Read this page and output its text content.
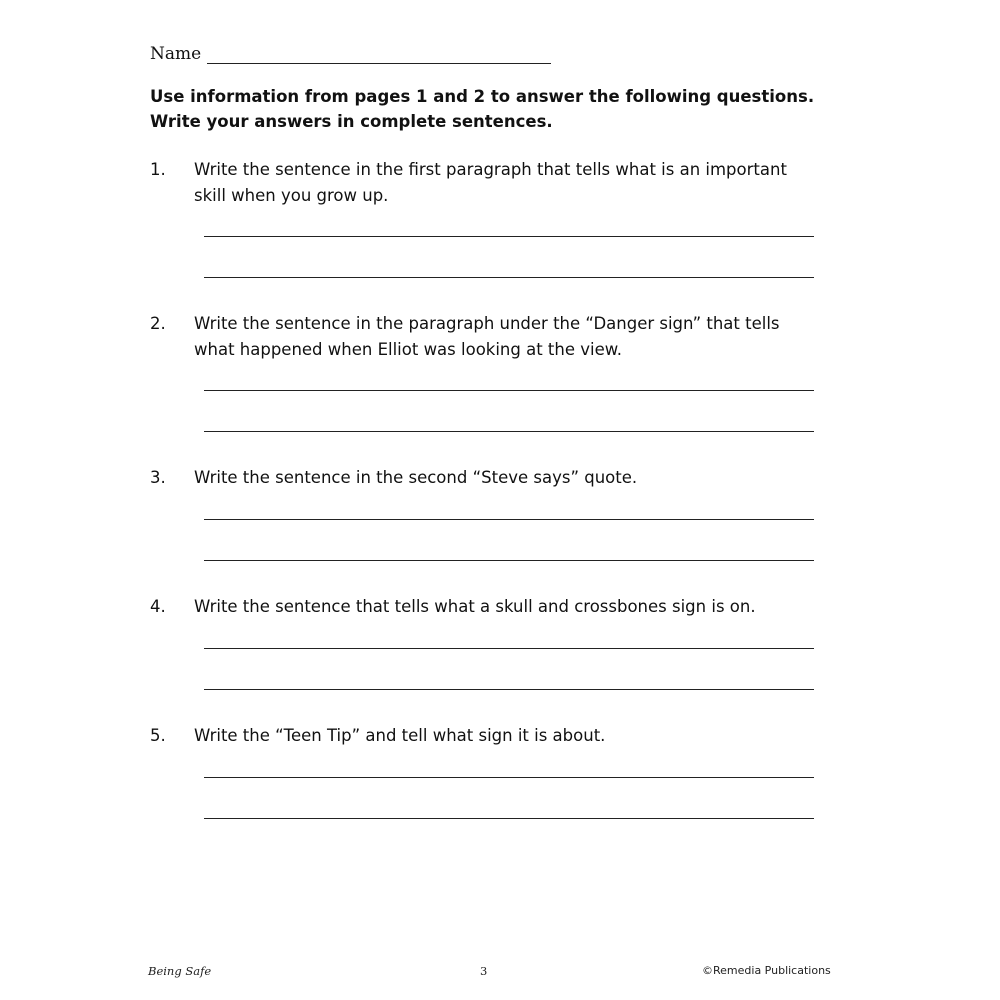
Name
Use information from pages 1 and 2 to answer the following questions.
Write your answers in complete sentences.
1.	Write the sentence in the first paragraph that tells what is an important
skill when you grow up.
2.	Write the sentence in the paragraph under the “Danger sign” that tells
what happened when Elliot was looking at the view.
3.	Write the sentence in the second “Steve says” quote.
4.	Write the sentence that tells what a skull and crossbones sign is on.
5.	Write the “Teen Tip” and tell what sign it is about.
Being Safe	3	©Remedia Publications
